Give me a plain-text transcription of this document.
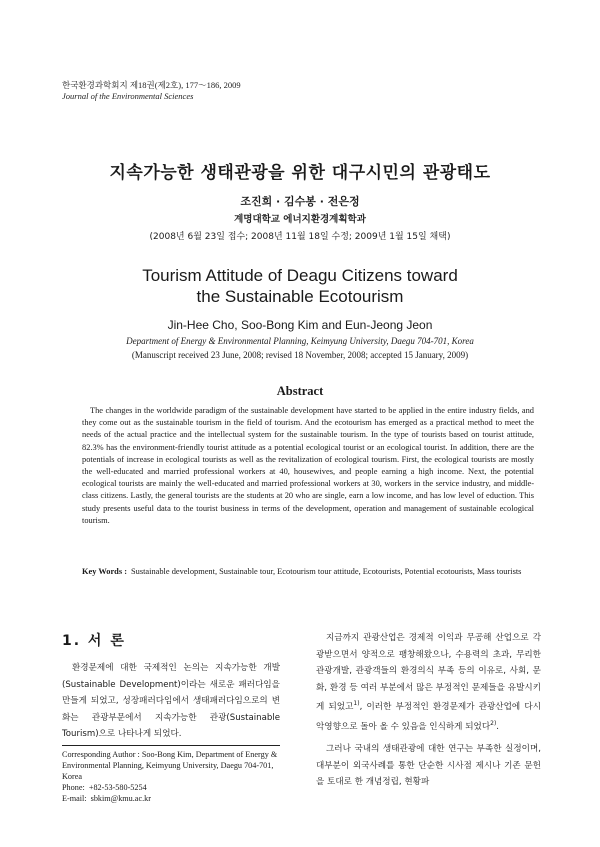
한국환경과학회지 제18권(제2호), 177～186, 2009
Journal of the Environmental Sciences
지속가능한 생태관광을 위한 대구시민의 관광태도
조진희 · 김수봉 · 전은정
계명대학교 에너지환경계획학과
(2008년 6월 23일 접수; 2008년 11월 18일 수정; 2009년 1월 15일 채택)
Tourism Attitude of Deagu Citizens toward
the Sustainable Ecotourism
Jin-Hee Cho, Soo-Bong Kim and Eun-Jeong Jeon
Department of Energy & Environmental Planning, Keimyung University, Daegu 704-701, Korea
(Manuscript received 23 June, 2008; revised 18 November, 2008; accepted 15 January, 2009)
Abstract
The changes in the worldwide paradigm of the sustainable development have started to be applied in the entire industry fields, and they come out as the sustainable tourism in the field of tourism. And the ecotourism has emerged as a practical method to meet the needs of the actual practice and the intellectual system for the sustainable tourism. In the type of tourists based on tourist attitude, 82.3% has the environment-friendly tourist attitude as a potential ecological tourist or an ecological tourist. In addition, there are the potentials of increase in ecological tourists as well as the revitalization of ecological tourism. First, the ecological tourists are mostly the well-educated and married professional workers at 40, housewives, and people earning a high income. Next, the potential ecological tourists are mainly the well-educated and married professional workers at 30, workers in the service industry, and middle-class citizens. Lastly, the general tourists are the students at 20 who are single, earn a low income, and has low level of eduction. This study presents useful data to the tourist business in terms of the development, operation and management of sustainable ecological tourism.
Key Words : Sustainable development, Sustainable tour, Ecotourism tour attitude, Ecotourists, Potential ecotourists, Mass tourists
1. 서 론

환경문제에 대한 국제적인 논의는 지속가능한 개발(Sustainable Development)이라는 새로운 패러다임을 만들게 되었고, 성장패러다임에서 생태패러다임으로의 변화는 관광부문에서 지속가능한 관광(Sustainable Tourism)으로 나타나게 되었다.

지금까지 관광산업은 경제적 이익과 무공해 산업으로 각광받으면서 양적으로 팽창해왔으나, 수용력의 초과, 무리한 관광개발, 관광객들의 환경의식 부족 등의 이유로, 사회, 문화, 환경 등 여러 부분에서 많은 부정적인 문제들을 유발시키게 되었고$^{1)}$, 이러한 부정적인 환경문제가 관광산업에 다시 악영향으로 돌아 올 수 있음을 인식하게 되었다$^{2)}$.

그러나 국내의 생태관광에 대한 연구는 부족한 실정이며, 대부분이 외국사례를 통한 단순한 시사점 제시나 기존 문헌을 토대로 한 개념정립, 현황파

Corresponding Author : Soo-Bong Kim, Department of Energy & Environmental Planning, Keimyung University, Daegu 704-701, Korea
Phone:  +82-53-580-5254
E-mail:  sbkim@kmu.ac.kr
